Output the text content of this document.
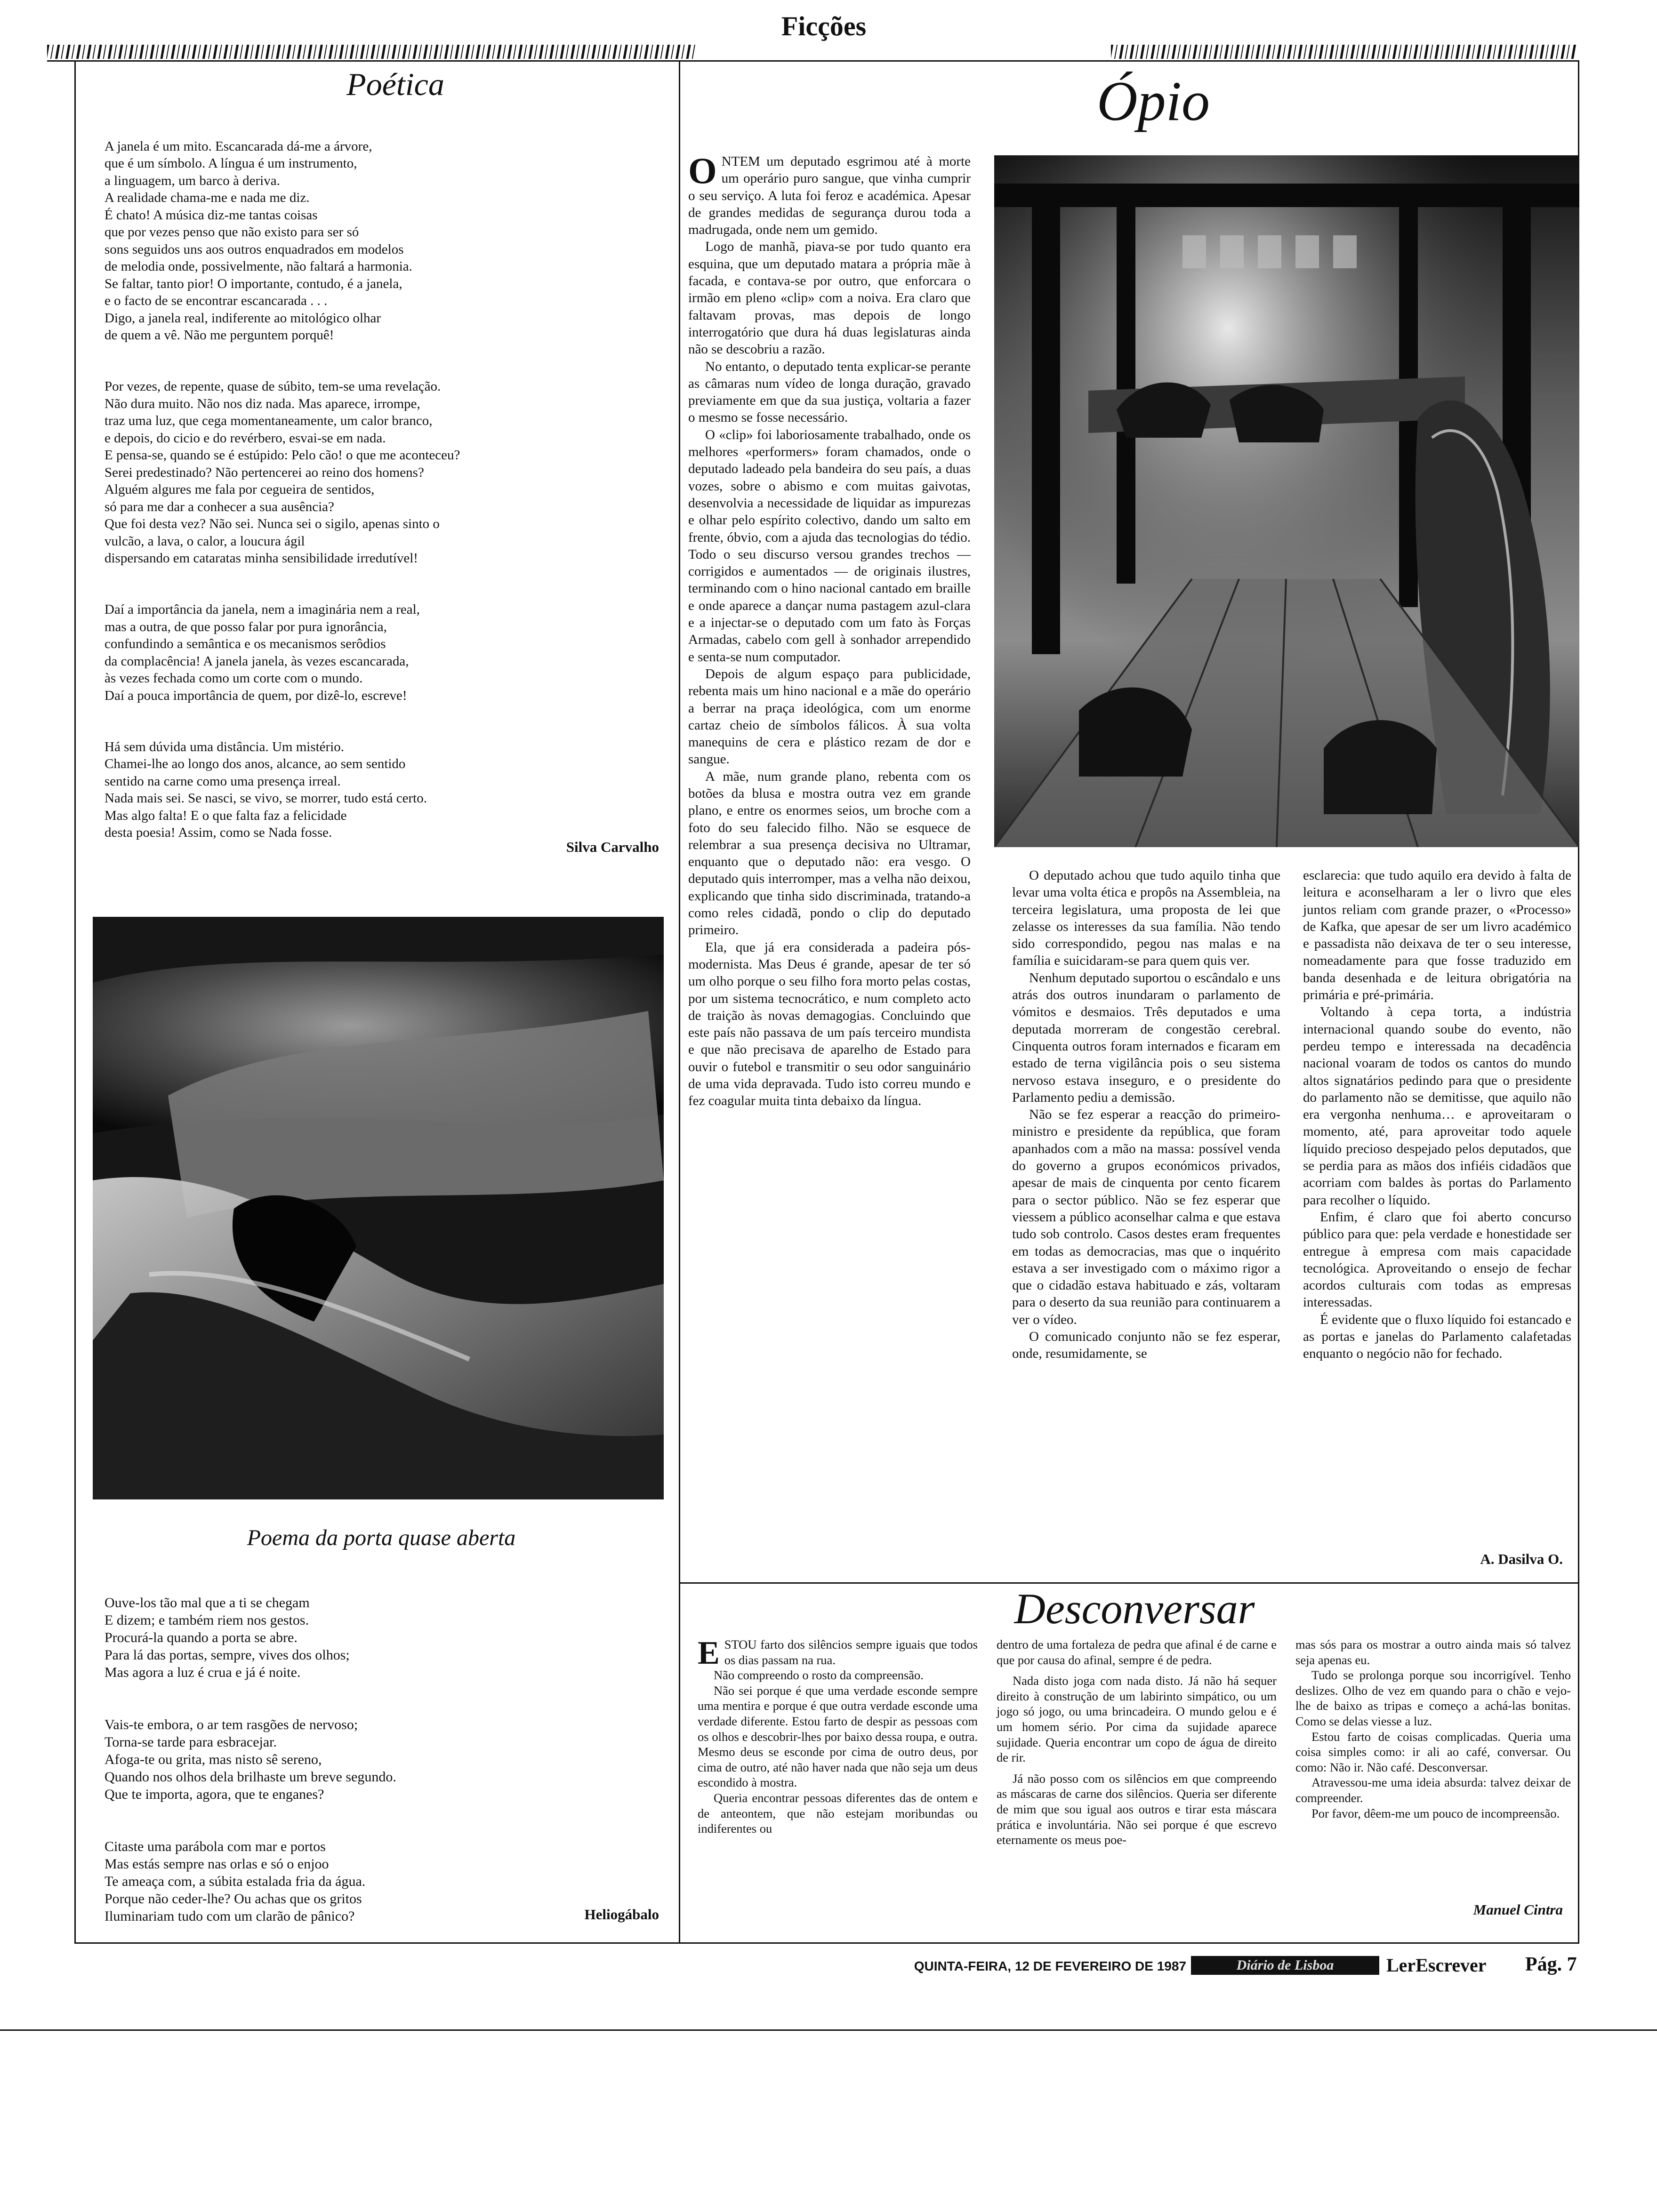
Ficções
Poética

A janela é um mito. Escancarada dá-me a árvore,
que é um símbolo. A língua é um instrumento,
a linguagem, um barco à deriva.
A realidade chama-me e nada me diz.
É chato! A música diz-me tantas coisas
que por vezes penso que não existo para ser só
sons seguidos uns aos outros enquadrados em modelos
de melodia onde, possivelmente, não faltará a harmonia.
Se faltar, tanto pior! O importante, contudo, é a janela,
e o facto de se encontrar escancarada . . .
Digo, a janela real, indiferente ao mitológico olhar
de quem a vê. Não me perguntem porquê!

Por vezes, de repente, quase de súbito, tem-se uma revelação.
Não dura muito. Não nos diz nada. Mas aparece, irrompe,
traz uma luz, que cega momentaneamente, um calor branco,
e depois, do cicio e do revérbero, esvai-se em nada.
E pensa-se, quando se é estúpido: Pelo cão! o que me aconteceu?
Serei predestinado? Não pertencerei ao reino dos homens?
Alguém algures me fala por cegueira de sentidos,
só para me dar a conhecer a sua ausência?
Que foi desta vez? Não sei. Nunca sei o sigilo, apenas sinto o
vulcão, a lava, o calor, a loucura ágil
dispersando em cataratas minha sensibilidade irredutível!

Daí a importância da janela, nem a imaginária nem a real,
mas a outra, de que posso falar por pura ignorância,
confundindo a semântica e os mecanismos serôdios
da complacência! A janela janela, às vezes escancarada,
às vezes fechada como um corte com o mundo.
Daí a pouca importância de quem, por dizê-lo, escreve!

Há sem dúvida uma distância. Um mistério.
Chamei-lhe ao longo dos anos, alcance, ao sem sentido
sentido na carne como uma presença irreal.
Nada mais sei. Se nasci, se vivo, se morrer, tudo está certo.
Mas algo falta! E o que falta faz a felicidade
desta poesia! Assim, como se Nada fosse.

Silva Carvalho
Poema da porta quase aberta

Ouve-los tão mal que a ti se chegam
E dizem; e também riem nos gestos.
Procurá-la quando a porta se abre.
Para lá das portas, sempre, vives dos olhos;
Mas agora a luz é crua e já é noite.

Vais-te embora, o ar tem rasgões de nervoso;
Torna-se tarde para esbracejar.
Afoga-te ou grita, mas nisto sê sereno,
Quando nos olhos dela brilhaste um breve segundo.
Que te importa, agora, que te enganes?

Citaste uma parábola com mar e portos
Mas estás sempre nas orlas e só o enjoo
Te ameaça com, a súbita estalada fria da água.
Porque não ceder-lhe? Ou achas que os gritos
Iluminariam tudo com um clarão de pânico?	Heliogábalo
Ópio

ONTEM um deputado esgrimou até à morte um operário puro sangue, que vinha cumprir o seu serviço. A luta foi feroz e académica. Apesar de grandes medidas de segurança durou toda a madrugada, onde nem um gemido.

Logo de manhã, piava-se por tudo quanto era esquina, que um deputado matara a própria mãe à facada, e contava-se por outro, que enforcara o irmão em pleno «clip» com a noiva. Era claro que faltavam provas, mas depois de longo interrogatório que dura há duas legislaturas ainda não se descobriu a razão.

No entanto, o deputado tenta explicar-se perante as câmaras num vídeo de longa duração, gravado previamente em que da sua justiça, voltaria a fazer o mesmo se fosse necessário.

O «clip» foi laboriosamente trabalhado, onde os melhores «performers» foram chamados, onde o deputado ladeado pela bandeira do seu país, a duas vozes, sobre o abismo e com muitas gaivotas, desenvolvia a necessidade de liquidar as impurezas e olhar pelo espírito colectivo, dando um salto em frente, óbvio, com a ajuda das tecnologias do tédio. Todo o seu discurso versou grandes trechos — corrigidos e aumentados — de originais ilustres, terminando com o hino nacional cantado em braille e onde aparece a dançar numa pastagem azul-clara e a injectar-se o deputado com um fato às Forças Armadas, cabelo com gell à sonhador arrependido e senta-se num computador.

Depois de algum espaço para publicidade, rebenta mais um hino nacional e a mãe do operário a berrar na praça ideológica, com um enorme cartaz cheio de símbolos fálicos. À sua volta manequins de cera e plástico rezam de dor e sangue.

A mãe, num grande plano, rebenta com os botões da blusa e mostra outra vez em grande plano, e entre os enormes seios, um broche com a foto do seu falecido filho. Não se esquece de relembrar a sua presença decisiva no Ultramar, enquanto que o deputado não: era vesgo. O deputado quis interromper, mas a velha não deixou, explicando que tinha sido discriminada, tratando-a como reles cidadã, pondo o clip do deputado primeiro.

Ela, que já era considerada a padeira pós-modernista. Mas Deus é grande, apesar de ter só um olho porque o seu filho fora morto pelas costas, por um sistema tecnocrático, e num completo acto de traição às novas demagogias. Concluindo que este país não passava de um país terceiro mundista e que não precisava de aparelho de Estado para ouvir o futebol e transmitir o seu odor sanguinário de uma vida depravada. Tudo isto correu mundo e fez coagular muita tinta debaixo da língua.

O deputado achou que tudo aquilo tinha que levar uma volta ética e propôs na Assembleia, na terceira legislatura, uma proposta de lei que zelasse os interesses da sua família. Não tendo sido correspondido, pegou nas malas e na família e suicidaram-se para quem quis ver.

Nenhum deputado suportou o escândalo e uns atrás dos outros inundaram o parlamento de vómitos e desmaios. Três deputados e uma deputada morreram de congestão cerebral. Cinquenta outros foram internados e ficaram em estado de terna vigilância pois o seu sistema nervoso estava inseguro, e o presidente do Parlamento pediu a demissão.

Não se fez esperar a reacção do primeiro-ministro e presidente da república, que foram apanhados com a mão na massa: possível venda do governo a grupos económicos privados, apesar de mais de cinquenta por cento ficarem para o sector público. Não se fez esperar que viessem a público aconselhar calma e que estava tudo sob controlo. Casos destes eram frequentes em todas as democracias, mas que o inquérito estava a ser investigado com o máximo rigor a que o cidadão estava habituado e zás, voltaram para o deserto da sua reunião para continuarem a ver o vídeo.

O comunicado conjunto não se fez esperar, onde, resumidamente, se

esclarecia: que tudo aquilo era devido à falta de leitura e aconselharam a ler o livro que eles juntos reliam com grande prazer, o «Processo» de Kafka, que apesar de ser um livro académico e passadista não deixava de ter o seu interesse, nomeadamente para que fosse traduzido em banda desenhada e de leitura obrigatória na primária e pré-primária.

Voltando à cepa torta, a indústria internacional quando soube do evento, não perdeu tempo e interessada na decadência nacional voaram de todos os cantos do mundo altos signatários pedindo para que o presidente do parlamento não se demitisse, que aquilo não era vergonha nenhuma… e aproveitaram o momento, até, para aproveitar todo aquele líquido precioso despejado pelos deputados, que se perdia para as mãos dos infiéis cidadãos que acorriam com baldes às portas do Parlamento para recolher o líquido.

Enfim, é claro que foi aberto concurso público para que: pela verdade e honestidade ser entregue à empresa com mais capacidade tecnológica. Aproveitando o ensejo de fechar acordos culturais com todas as empresas interessadas.

É evidente que o fluxo líquido foi estancado e as portas e janelas do Parlamento calafetadas enquanto o negócio não for fechado.

A. Dasilva O.
Desconversar

ESTOU farto dos silêncios sempre iguais que todos os dias passam na rua.

Não compreendo o rosto da compreensão.

Não sei porque é que uma verdade esconde sempre uma mentira e porque é que outra verdade esconde uma verdade diferente. Estou farto de despir as pessoas com os olhos e descobrir-lhes por baixo dessa roupa, e outra. Mesmo deus se esconde por cima de outro deus, por cima de outro, até não haver nada que não seja um deus escondido à mostra.

Queria encontrar pessoas diferentes das de ontem e de anteontem, que não estejam moribundas ou indiferentes ou

dentro de uma fortaleza de pedra que afinal é de carne e que por causa do afinal, sempre é de pedra.

Nada disto joga com nada disto. Já não há sequer direito à construção de um labirinto simpático, ou um jogo só jogo, ou uma brincadeira. O mundo gelou e é um homem sério. Por cima da sujidade aparece sujidade. Queria encontrar um copo de água de direito de rir.

Já não posso com os silêncios em que compreendo as máscaras de carne dos silêncios. Queria ser diferente de mim que sou igual aos outros e tirar esta máscara prática e involuntária. Não sei porque é que escrevo eternamente os meus poe-

mas sós para os mostrar a outro ainda mais só talvez seja apenas eu.

Tudo se prolonga porque sou incorrigível. Tenho deslizes. Olho de vez em quando para o chão e vejo-lhe de baixo as tripas e começo a achá-las bonitas. Como se delas viesse a luz.

Estou farto de coisas complicadas. Queria uma coisa simples como: ir ali ao café, conversar. Ou como: Não ir. Não café. Desconversar.

Atravessou-me uma ideia absurda: talvez deixar de compreender.

Por favor, dêem-me um pouco de incompreensão.

Manuel Cintra
QUINTA-FEIRA, 12 DE FEVEREIRO DE 1987	Diário de Lisboa	LerEscrever	Pág. 7
